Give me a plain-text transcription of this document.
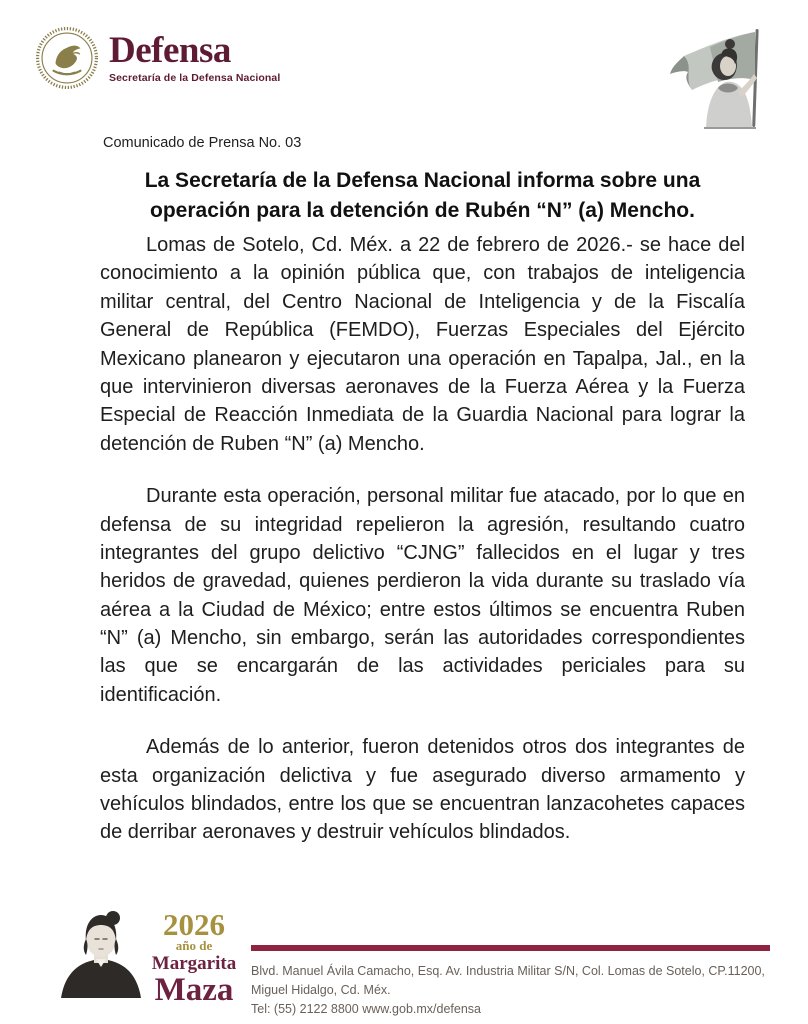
Defensa
Secretaría de la Defensa Nacional
Comunicado de Prensa No. 03
La Secretaría de la Defensa Nacional informa sobre una operación para la detención de Rubén “N” (a) Mencho.

Lomas de Sotelo, Cd. Méx. a 22 de febrero de 2026.- se hace del conocimiento a la opinión pública que, con trabajos de inteligencia militar central, del Centro Nacional de Inteligencia y de la Fiscalía General de República (FEMDO), Fuerzas Especiales del Ejército Mexicano planearon y ejecutaron una operación en Tapalpa, Jal., en la que intervinieron diversas aeronaves de la Fuerza Aérea y la Fuerza Especial de Reacción Inmediata de la Guardia Nacional para lograr la detención de Ruben “N” (a) Mencho.

Durante esta operación, personal militar fue atacado, por lo que en defensa de su integridad repelieron la agresión, resultando cuatro integrantes del grupo delictivo “CJNG” fallecidos en el lugar y tres heridos de gravedad, quienes perdieron la vida durante su traslado vía aérea a la Ciudad de México; entre estos últimos se encuentra Ruben “N” (a) Mencho, sin embargo, serán las autoridades correspondientes las que se encargarán de las actividades periciales para su identificación.

Además de lo anterior, fueron detenidos otros dos integrantes de esta organización delictiva y fue asegurado diverso armamento y vehículos blindados, entre los que se encuentran lanzacohetes capaces de derribar aeronaves y destruir vehículos blindados.

2026
año de
Margarita
Maza
Blvd. Manuel Ávila Camacho, Esq. Av. Industria Militar S/N, Col. Lomas de Sotelo, CP.11200, Miguel Hidalgo, Cd. Méx.
Tel: (55) 2122 8800 www.gob.mx/defensa
